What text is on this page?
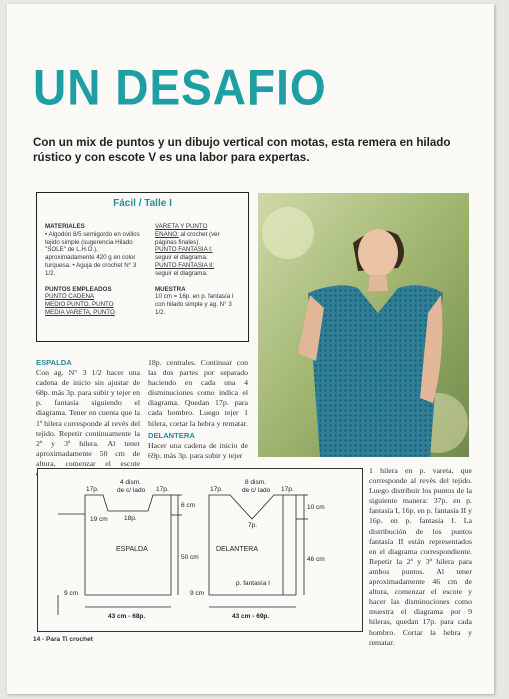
UN DESAFIO
Con un mix de puntos y un dibujo vertical con motas, esta remera en hilado rústico y con escote V es una labor para expertas.
Fácil / Talle I
MATERIALES
• Algodón 8/5 semigordo en ovillos tejido simple (sugerencia Hilado "SOLE" de L.H.O.), aproximadamente 420 g en color turquesa. • Aguja de crochet N° 3 1/2.
PUNTOS EMPLEADOS
PUNTO CADENA
MEDIO PUNTO, PUNTO
MEDIA VARETA, PUNTO
VARETA Y PUNTO
ENANO: al crochet (ver páginas finales).
PUNTO FANTASIA I:
seguir el diagrama.
PUNTO FANTASIA II:
seguir el diagrama.
MUESTRA
10 cm = 16p. en p. fantasía I con hilado simple y ag. N° 3 1/2.
ESPALDA
Con ag. N° 3 1/2 hacer una cadena de inicio sin ajustar de 68p. más 3p. para subir y tejer en p. fantasía siguiendo el diagrama. Tener en cuenta que la 1ª hilera corresponde al revés del tejido. Repetir continuamente la 2ª y 3ª hilera. Al tener aproximadamente 50 cm de altura, comenzar el escote
18p. centrales. Continuar con las dos partes por separado haciendo en cada una 4 disminuciones como indica el diagrama. Quedan 17p. para cada hombro. Luego tejer 1 hilera, cortar la hebra y rematar.
DELANTERA
Hacer una cadena de inicio de 69p. más 3p. para subir y tejer
1 hilera en p. vareta, que corresponde al revés del tejido. Luego distribuir los puntos de la siguiente manera: 37p. en p. fantasía I, 16p. en p. fantasía II y 16p. en p. fantasía I. La distribución de los puntos fantasía II están representados en el diagrama correspondiente. Repetir la 2ª y 3ª hilera para ambos puntos. Al tener aproximadamente 46 cm de altura, comenzar el escote y hacer las disminuciones como muestra el diagrama por 9 hileras, quedan 17p. para cada hombro. Cortar la hebra y rematar.
17p.	17p.
4 dism.
de c/ lado
19 cm	18p.
6 cm
50 cm
ESPALDA
9 cm
43 cm - 68p.
17p.	17p.
8 dism.
de c/ lado
7p.
10 cm
46 cm
DELANTERA
p. fantasía I
9 cm
43 cm - 69p.
14 - Para Ti crochet
